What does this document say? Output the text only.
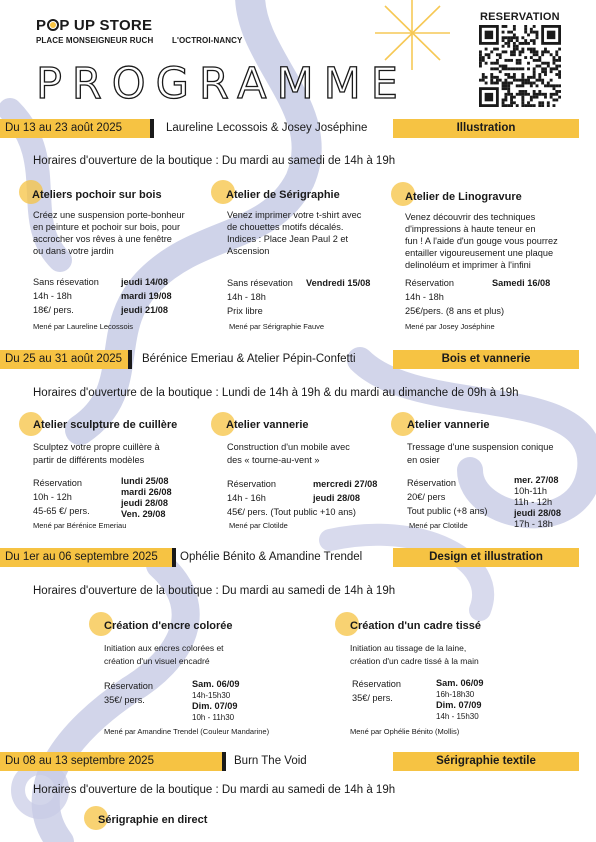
P P UP STORE
PLACE MONSEIGNEUR RUCH L'OCTROI-NANCY
PROGRAMME
RESERVATION
Du 13 au 23 août 2025	Laureline Lecossois & Josey Joséphine	Illustration
Horaires d'ouverture de la boutique : Du mardi au samedi de 14h à 19h
Ateliers pochoir sur bois
Créez une suspension porte-bonheur
en peinture et pochoir sur bois, pour
accrocher vos rêves à une fenêtre
ou dans votre jardin
Sans résevation
14h - 18h
18€/ pers.
jeudi 14/08
mardi 19/08
jeudi 21/08
Mené par Laureline Lecossois
Atelier de Sérigraphie
Venez imprimer votre t-shirt avec
de chouettes motifs décalés.
Indices : Place Jean Paul 2 et
Ascension
Sans résevation
14h - 18h
Prix libre
Vendredi 15/08
Mené par Sérigraphie Fauve
Atelier de Linogravure
Venez découvrir des techniques
d'impressions à haute teneur en
fun ! A l'aide d'un gouge vous pourrez
entailler vigoureusement une plaque
delinoléum et imprimer à l'infini
Réservation
14h - 18h
25€/pers. (8 ans et plus)
Samedi 16/08
Mené par Josey Joséphine
Du 25 au 31 août 2025	Bérénice Emeriau & Atelier Pépin-Confetti	Bois et vannerie
Horaires d'ouverture de la boutique : Lundi de 14h à 19h & du mardi au dimanche de 09h à 19h
Atelier sculpture de cuillère
Sculptez votre propre cuillère à
partir de différents modèles
Réservation
10h - 12h
45-65 €/ pers.
lundi 25/08
mardi 26/08
jeudi 28/08
Ven. 29/08
Mené par Bérénice Emeriau
Atelier vannerie
Construction d'un mobile avec
des « tourne-au-vent »
Réservation
14h - 16h
45€/ pers. (Tout public +10 ans)
mercredi 27/08
jeudi 28/08
Mené par Clotilde
Atelier vannerie
Tressage d'une suspension conique
en osier
Réservation
20€/ pers
Tout public (+8 ans)
mer. 27/08
10h-11h
11h - 12h
jeudi 28/08
17h - 18h
Mené par Clotilde
Du 1er au 06 septembre 2025	Ophélie Bénito & Amandine Trendel	Design et illustration
Horaires d'ouverture de la boutique : Du mardi au samedi de 14h à 19h
Création d'encre colorée
Initiation aux encres colorées et
création d'un visuel encadré
Réservation
35€/ pers.
Sam. 06/09
14h-15h30
Dim. 07/09
10h - 11h30
Mené par Amandine Trendel (Couleur Mandarine)
Création d'un cadre tissé
Initiation au tissage de la laine,
création d'un cadre tissé à la main
Réservation
35€/ pers.
Sam. 06/09
16h-18h30
Dim. 07/09
14h - 15h30
Mené par Ophélie Bénito (Mollis)
Du 08 au 13 septembre 2025	Burn The Void	Sérigraphie textile
Horaires d'ouverture de la boutique : Du mardi au samedi de 14h à 19h
Sérigraphie en direct
